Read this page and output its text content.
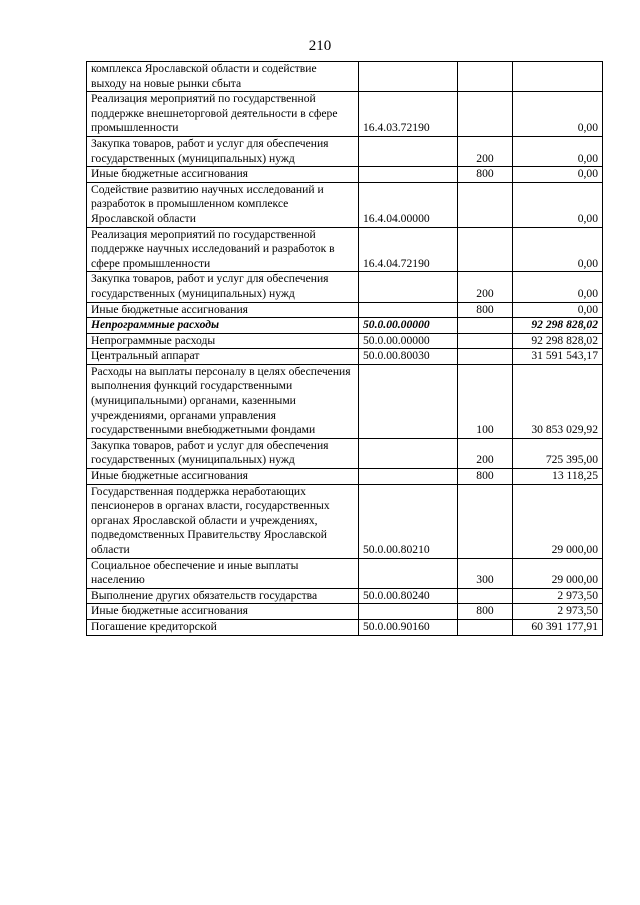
210
комплекса Ярославской области и содействие выходу на новые рынки сбыта			
Реализация мероприятий по государственной поддержке внешнеторговой деятельности в сфере промышленности	16.4.03.72190		0,00
Закупка товаров, работ и услуг для обеспечения государственных (муниципальных) нужд		200	0,00
Иные бюджетные ассигнования		800	0,00
Содействие развитию научных исследований и разработок в промышленном комплексе Ярославской области	16.4.04.00000		0,00
Реализация мероприятий по государственной поддержке научных исследований и разработок в сфере промышленности	16.4.04.72190		0,00
Закупка товаров, работ и услуг для обеспечения государственных (муниципальных) нужд		200	0,00
Иные бюджетные ассигнования		800	0,00
Непрограммные расходы	50.0.00.00000		92 298 828,02
Непрограммные расходы	50.0.00.00000		92 298 828,02
Центральный аппарат	50.0.00.80030		31 591 543,17
Расходы на выплаты персоналу в целях обеспечения выполнения функций государственными (муниципальными) органами, казенными учреждениями, органами управления государственными внебюджетными фондами		100	30 853 029,92
Закупка товаров, работ и услуг для обеспечения государственных (муниципальных) нужд		200	725 395,00
Иные бюджетные ассигнования		800	13 118,25
Государственная поддержка неработающих пенсионеров в органах власти, государственных органах Ярославской области и учреждениях, подведомственных Правительству Ярославской области	50.0.00.80210		29 000,00
Социальное обеспечение и иные выплаты населению		300	29 000,00
Выполнение других обязательств государства	50.0.00.80240		2 973,50
Иные бюджетные ассигнования		800	2 973,50
Погашение кредиторской	50.0.00.90160		60 391 177,91
